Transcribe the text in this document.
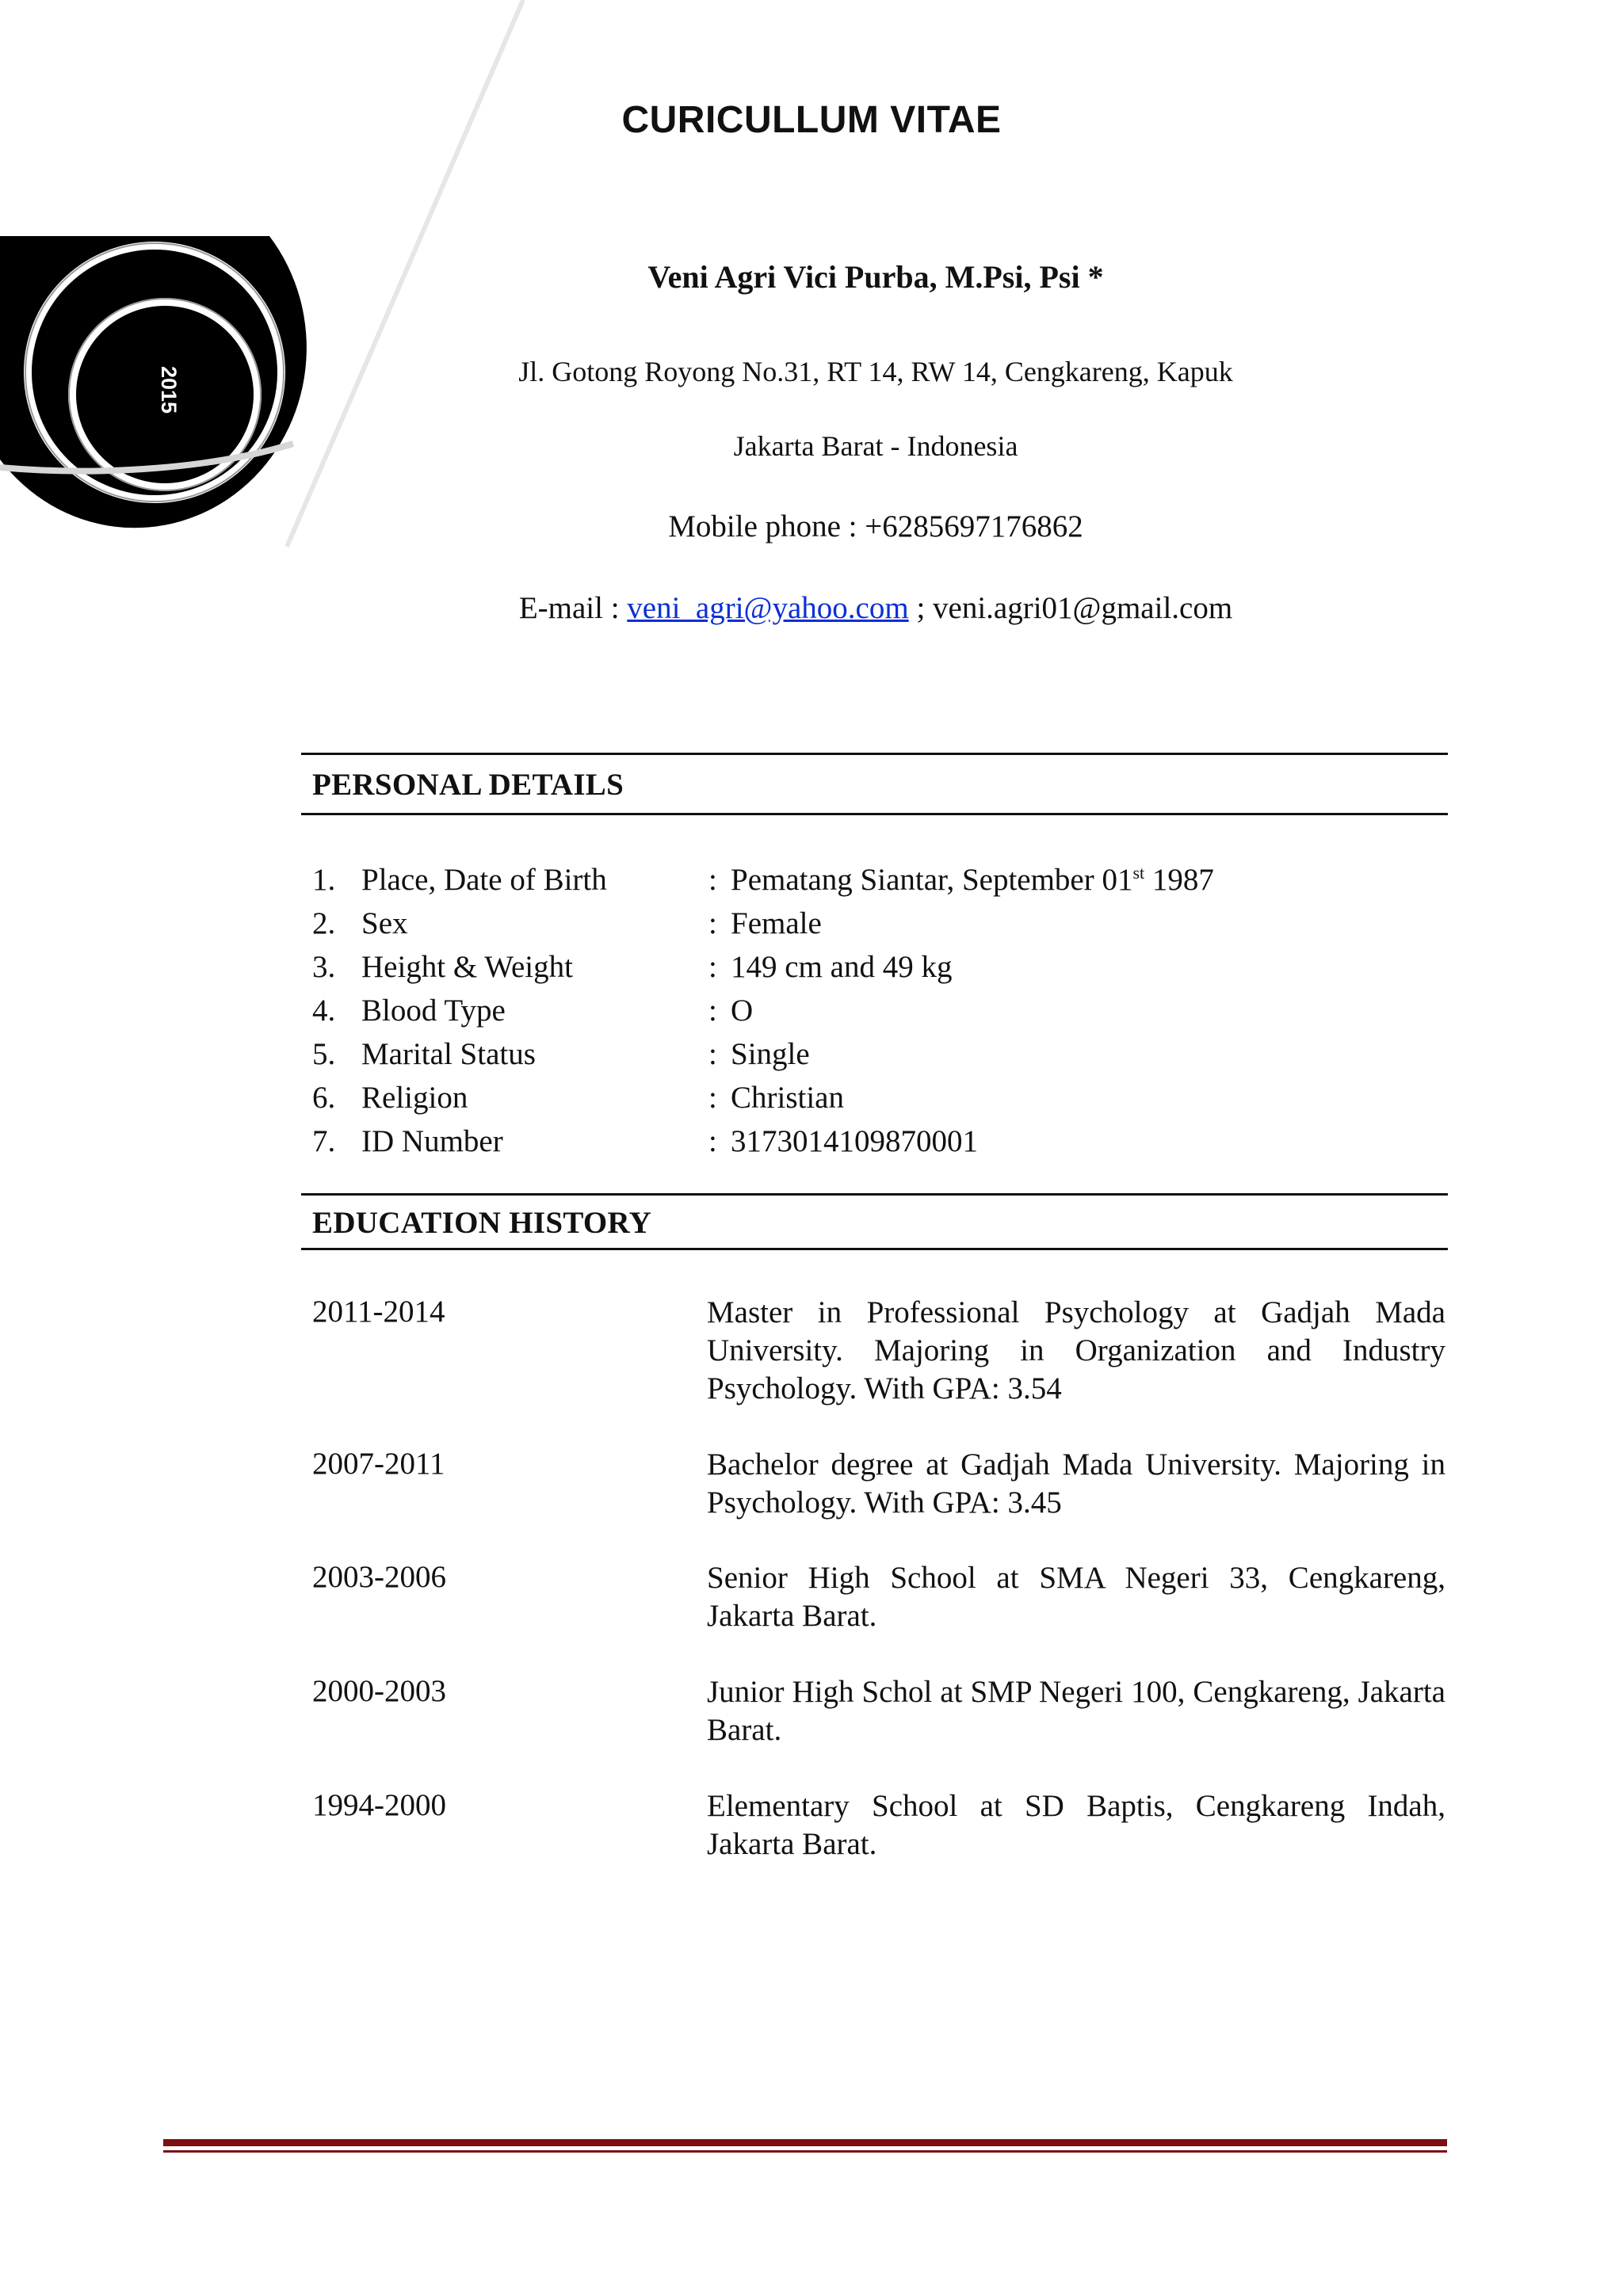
2015
CURICULLUM VITAE
Veni Agri Vici Purba, M.Psi, Psi *
Jl. Gotong Royong No.31, RT 14, RW 14, Cengkareng, Kapuk
Jakarta Barat - Indonesia
Mobile phone : +6285697176862
E-mail : veni_agri@yahoo.com ; veni.agri01@gmail.com
PERSONAL DETAILS
1. Place, Date of Birth	: Pematang Siantar, September 01st 1987
2. Sex	: Female
3. Height & Weight	: 149 cm and 49 kg
4. Blood Type	: O
5. Marital Status	: Single
6. Religion	: Christian
7. ID Number	: 3173014109870001
EDUCATION HISTORY
2011-2014	Master in Professional Psychology at Gadjah Mada University. Majoring in Organization and Industry Psychology. With GPA: 3.54
2007-2011	Bachelor degree at Gadjah Mada University. Majoring in Psychology. With GPA: 3.45
2003-2006	Senior High School at SMA Negeri 33, Cengkareng, Jakarta Barat.
2000-2003	Junior High Schol at SMP Negeri 100, Cengkareng, Jakarta Barat.
1994-2000	Elementary School at SD Baptis, Cengkareng Indah, Jakarta Barat.
